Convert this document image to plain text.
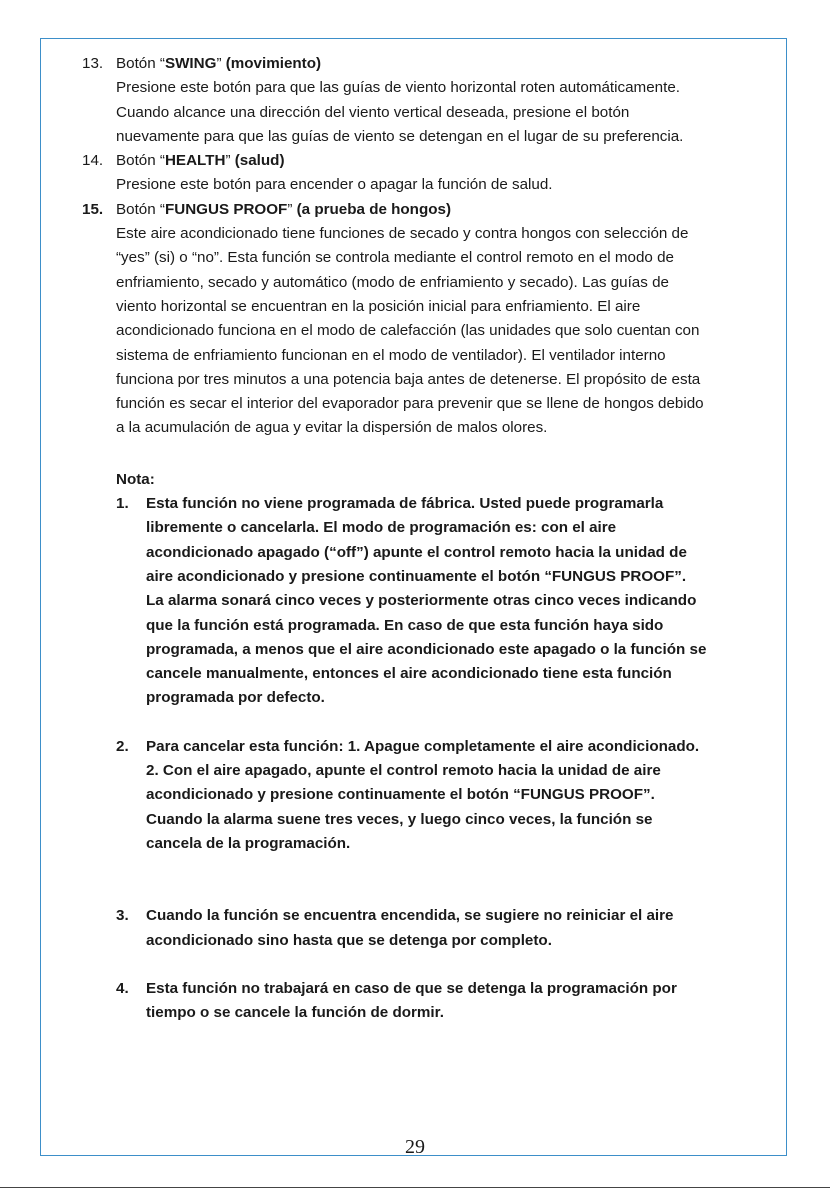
13. Botón “SWING” (movimiento)
Presione este botón para que las guías de viento horizontal roten automáticamente. Cuando alcance una dirección del viento vertical deseada, presione el botón nuevamente para que las guías de viento se detengan en el lugar de su preferencia.
14. Botón “HEALTH” (salud)
Presione este botón para encender o apagar la función de salud.
15. Botón “FUNGUS PROOF” (a prueba de hongos)
Este aire acondicionado tiene funciones de secado y contra hongos con selección de “yes” (si) o “no”. Esta función se controla mediante el control remoto en el modo de enfriamiento, secado y automático (modo de enfriamiento y secado). Las guías de viento horizontal se encuentran en la posición inicial para enfriamiento. El aire acondicionado funciona en el modo de calefacción (las unidades que solo cuentan con sistema de enfriamiento funcionan en el modo de ventilador). El ventilador interno funciona por tres minutos a una potencia baja antes de detenerse. El propósito de esta función es secar el interior del evaporador para prevenir que se llene de hongos debido a la acumulación de agua y evitar la dispersión de malos olores.
Nota:
1. Esta función no viene programada de fábrica. Usted puede programarla libremente o cancelarla. El modo de programación es: con el aire acondicionado apagado (“off”) apunte el control remoto hacia la unidad de aire acondicionado y presione continuamente el botón “FUNGUS PROOF”. La alarma sonará cinco veces y posteriormente otras cinco veces indicando que la función está programada. En caso de que esta función haya sido programada, a menos que el aire acondicionado este apagado o la función se cancele manualmente, entonces el aire acondicionado tiene esta función programada por defecto.
2. Para cancelar esta función: 1. Apague completamente el aire acondicionado. 2. Con el aire apagado, apunte el control remoto hacia la unidad de aire acondicionado y presione continuamente el botón “FUNGUS PROOF”. Cuando la alarma suene tres veces, y luego cinco veces, la función se cancela de la programación.
3. Cuando la función se encuentra encendida, se sugiere no reiniciar el aire acondicionado sino hasta que se detenga por completo.
4. Esta función no trabajará en caso de que se detenga la programación por tiempo o se cancele la función de dormir.
29
